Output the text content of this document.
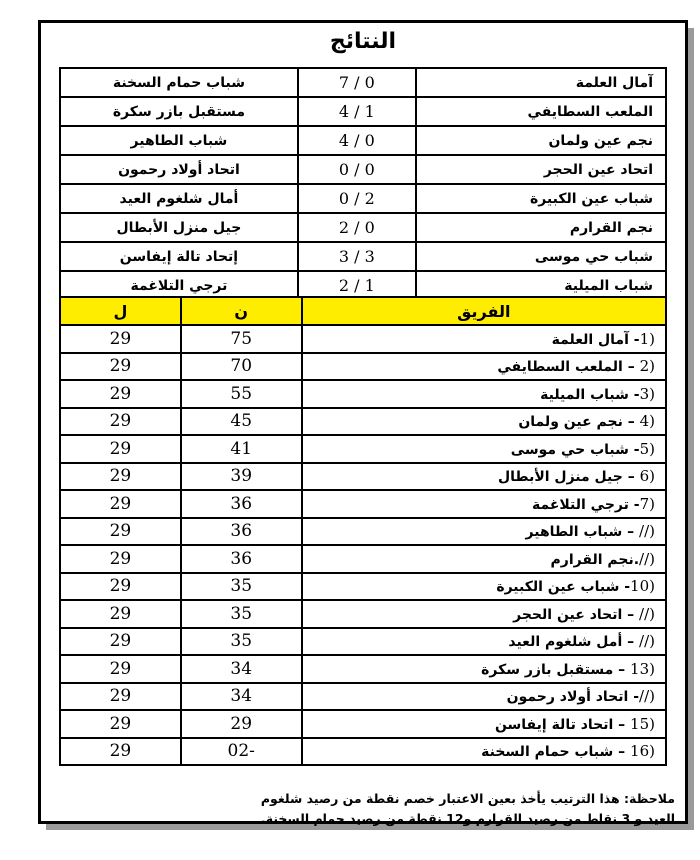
النتائج
آمال العلمة	0 / 7	شباب حمام السخنة
الملعب السطايفي	1 / 4	مستقبل بازر سكرة
نجم عين ولمان	0 / 4	شباب الطاهير
اتحاد عين الحجر	0 / 0	اتحاد أولاد رحمون
شباب عين الكبيرة	2 / 0	أمال شلغوم العيد
نجم القرارم	0 / 2	جيل منزل الأبطال
شباب حي موسى	3 / 3	إتحاد تالة إيفاسن
شباب الميلية	1 / 2	ترجي التلاغمة
الفريق	ن	ل
1)- آمال العلمة	75	29
2) – الملعب السطايفي	70	29
3)- شباب الميلية	55	29
4) – نجم عين ولمان	45	29
5)- شباب حي موسى	41	29
6) – جيل منزل الأبطال	39	29
7)- ترجي التلاغمة	36	29
//) – شباب الطاهير	36	29
//).نجم القرارم	36	29
10)- شباب عين الكبيرة	35	29
//) – اتحاد عين الحجر	35	29
//) – أمل شلغوم العيد	35	29
13) – مستقبل بازر سكرة	34	29
//)- اتحاد أولاد رحمون	34	29
15) – اتحاد تالة إيفاسن	29	29
16) – شباب حمام السخنة	-02	29
ملاحظة: هذا الترتيب يأخذ بعين الاعتبار خصم نقطة من رصيد شلغوم
العيد و 3 نقاط من رصيد القرارم و12 نقطة من رصيد حمام السخنة.
